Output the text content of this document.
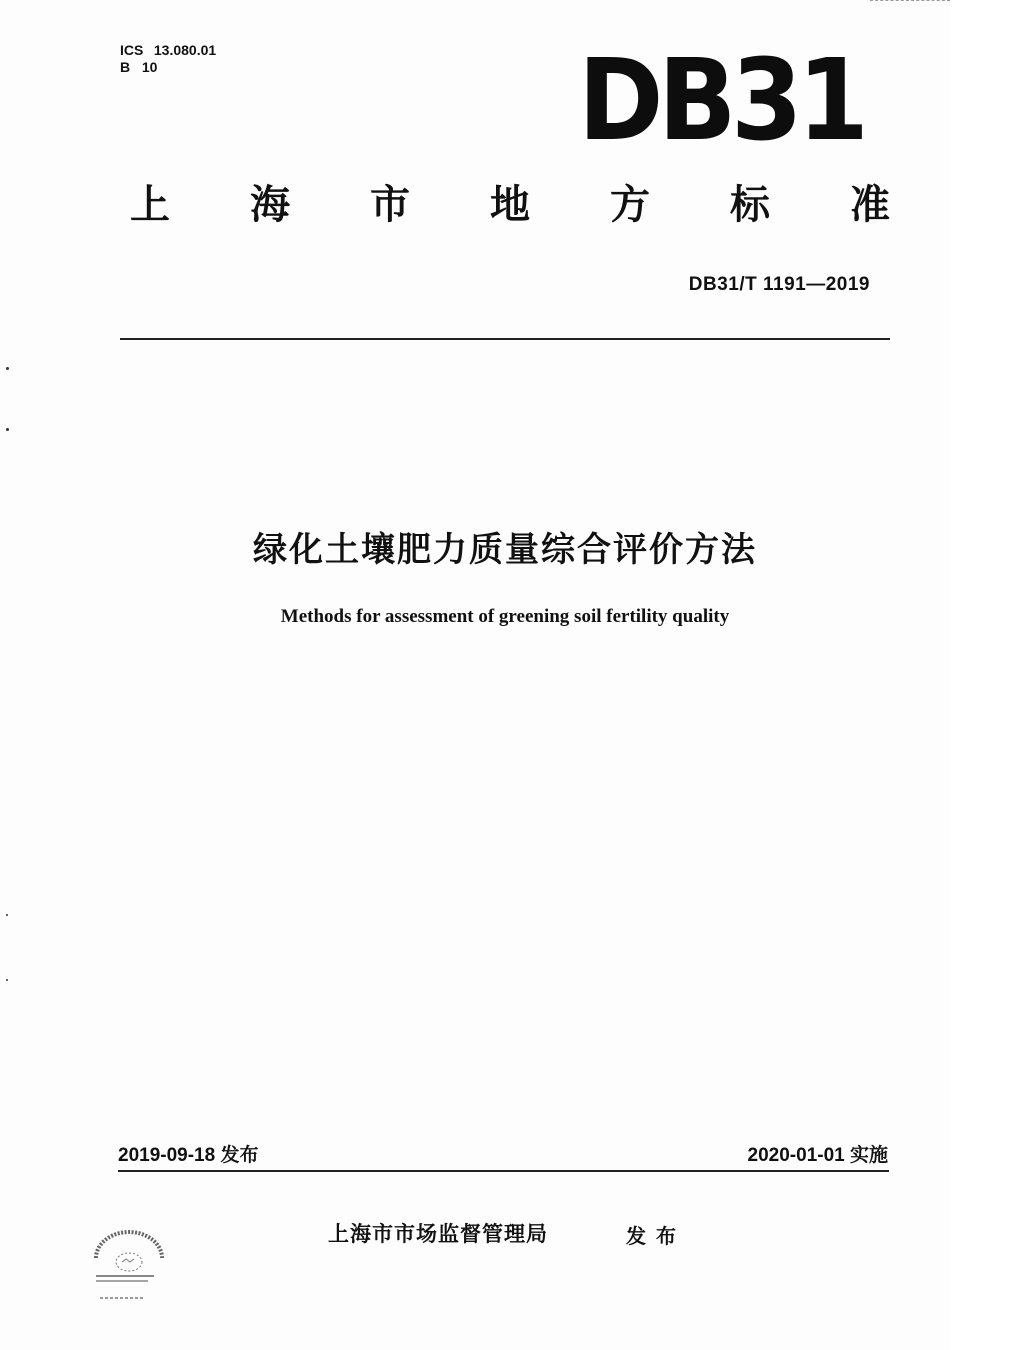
ICS 13.080.01
B 10	DB31
上 海 市 地 方 标 准
DB31/T 1191—2019
绿化土壤肥力质量综合评价方法
Methods for assessment of greening soil fertility quality
2019-09-18 发布	2020-01-01 实施
上海市市场监督管理局	发布
